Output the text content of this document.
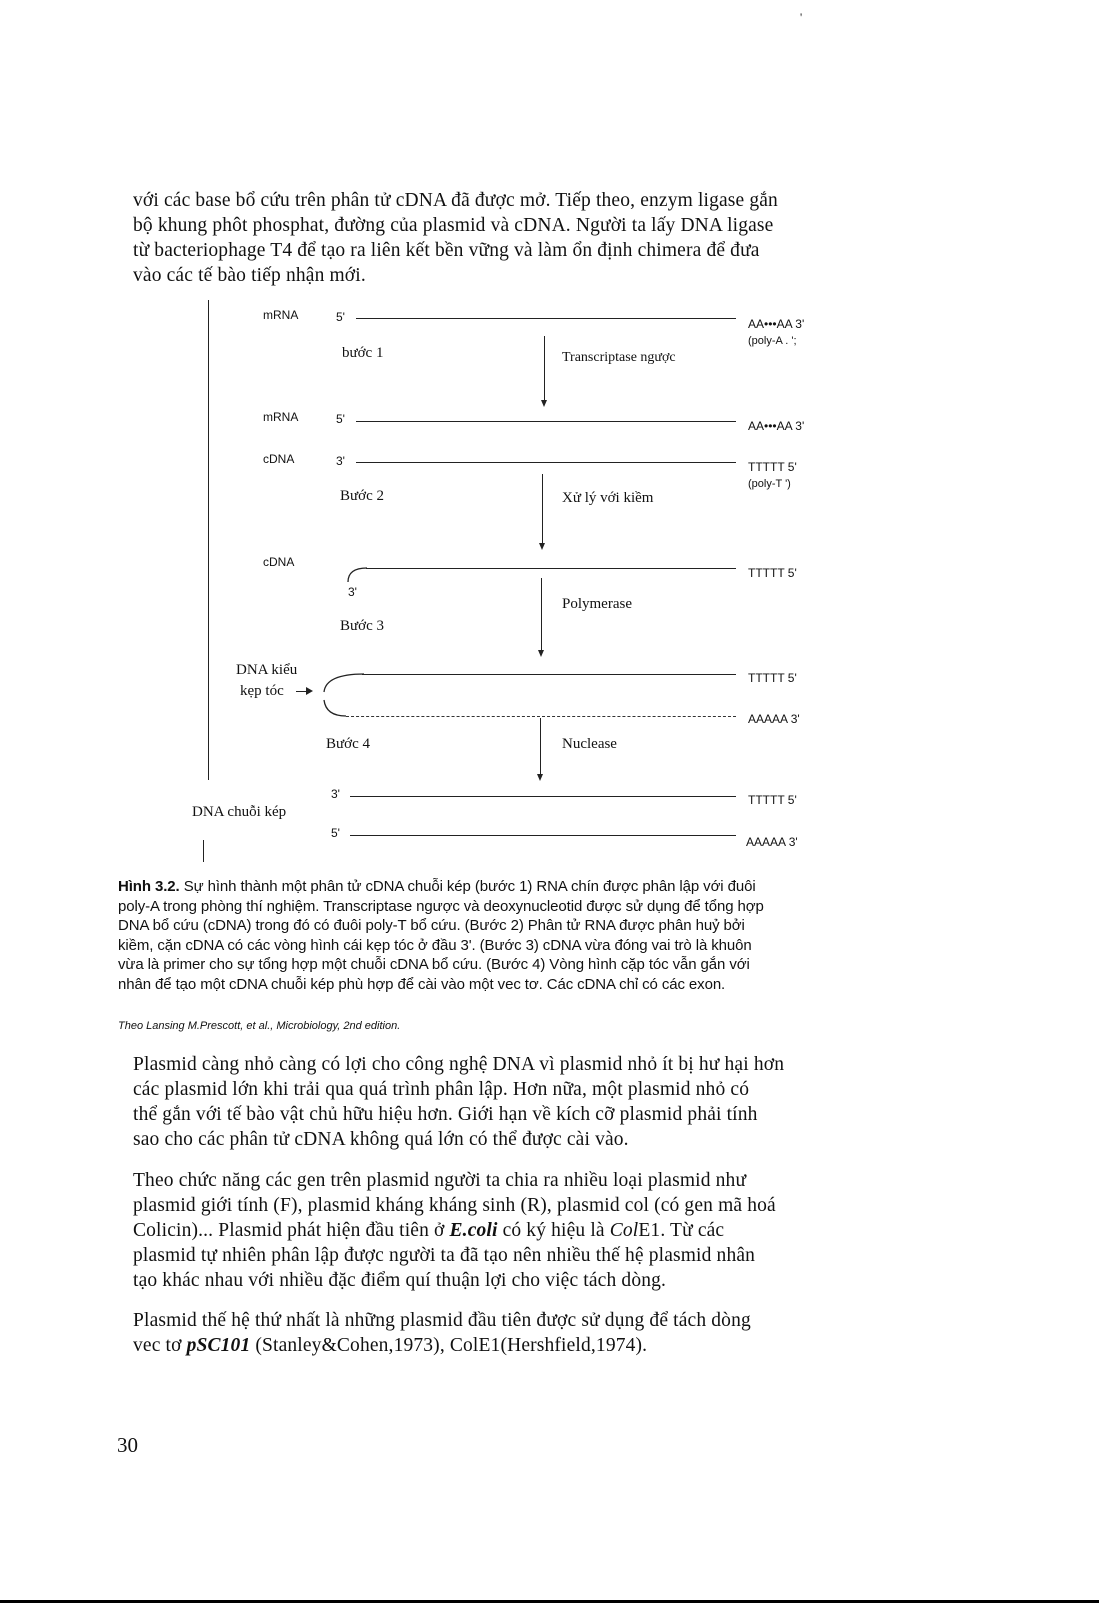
'
với các base bổ cứu trên phân tử cDNA đã được mở. Tiếp theo, enzym ligase gắn
bộ khung phôt phosphat, đường của plasmid và cDNA. Người ta lấy DNA ligase
từ bacteriophage T4 để tạo ra liên kết bền vững và làm ổn định chimera để đưa
vào các tế bào tiếp nhận mới.
mRNA	5'	AA•••AA 3'
(poly-A . ';
bước 1	Transcriptase ngược
mRNA	5'	AA•••AA 3'
cDNA	3'	TTTTT 5'
(poly-T ')
Bước 2	Xử lý với kiềm
cDNA
TTTTT 5'
3'
Bước 3
Polymerase
DNA kiểu
kẹp tóc
TTTTT 5'
AAAAA 3'
Bước 4	Nuclease
DNA chuỗi kép
3'	TTTTT 5'
5'
AAAAA 3'
Hình 3.2. Sự hình thành một phân tử cDNA chuỗi kép (bước 1) RNA chín được phân lập với đuôi
poly-A trong phòng thí nghiệm. Transcriptase ngược và deoxynucleotid được sử dụng để tổng hợp
DNA bổ cứu (cDNA) trong đó có đuôi poly-T bổ cứu. (Bước 2) Phân tử RNA được phân huỷ bởi
kiềm, cặn cDNA có các vòng hình cái kẹp tóc ở đầu 3'. (Bước 3) cDNA vừa đóng vai trò là khuôn
vừa là primer cho sự tổng hợp một chuỗi cDNA bổ cứu. (Bước 4) Vòng hình cặp tóc vẫn gắn với
nhân để tạo một cDNA chuỗi kép phù hợp để cài vào một vec tơ. Các cDNA chỉ có các exon.
Theo Lansing M.Prescott, et al., Microbiology, 2nd edition.
Plasmid càng nhỏ càng có lợi cho công nghệ DNA vì plasmid nhỏ ít bị hư hại hơn
các plasmid lớn khi trải qua quá trình phân lập. Hơn nữa, một plasmid nhỏ có
thể gắn với tế bào vật chủ hữu hiệu hơn. Giới hạn về kích cỡ plasmid phải tính
sao cho các phân tử cDNA không quá lớn có thể được cài vào.
Theo chức năng các gen trên plasmid người ta chia ra nhiều loại plasmid như
plasmid giới tính (F), plasmid kháng kháng sinh (R), plasmid col (có gen mã hoá
Colicin)... Plasmid phát hiện đầu tiên ở E.coli có ký hiệu là ColE1. Từ các
plasmid tự nhiên phân lập được người ta đã tạo nên nhiều thế hệ plasmid nhân
tạo khác nhau với nhiều đặc điểm quí thuận lợi cho việc tách dòng.
Plasmid thế hệ thứ nhất là những plasmid đầu tiên được sử dụng để tách dòng
vec tơ pSC101 (Stanley&Cohen,1973), ColE1(Hershfield,1974).
30
